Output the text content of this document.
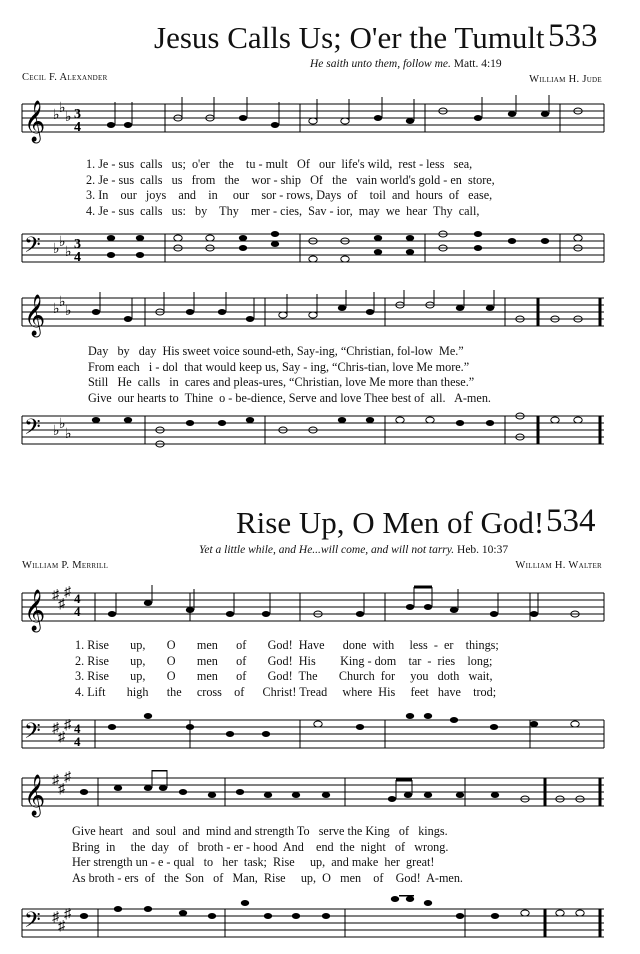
Jesus Calls Us; O'er the Tumult 533
He saith unto them, follow me. Matt. 4:19
Cecil F. Alexander	William H. Jude
𝄞 ♭ ♭
♭ 3
4
1. Je - sus  calls   us;  o'er   the    tu - mult   Of   our  life's wild,  rest - less   sea,
2. Je - sus  calls   us   from   the    wor - ship   Of   the   vain world's gold - en  store,
3. In    our   joys    and    in     our    sor - rows, Days  of    toil  and  hours  of   ease,
4. Je - sus  calls   us:   by    Thy    mer - cies,  Sav - ior,  may  we  hear  Thy  call,
𝄢 ♭ ♭
♭
3
4
𝄞 ♭ ♭
♭
Day   by   day  His sweet voice sound-eth, Say-ing, “Christian, fol-low  Me.”
From each   i - dol  that would keep us, Say - ing, “Chris-tian, love Me more.”
Still   He  calls   in  cares and pleas-ures, “Christian, love Me more than these.”
Give  our hearts to  Thine  o - be-dience, Serve and love Thee best of  all.   A-men.
𝄢 ♭ ♭
♭
Rise Up, O Men of God! 534
Yet a little while, and He...will come, and will not tarry. Heb. 10:37
William P. Merrill	William H. Walter
𝄞 ♯
♯
♯ 4
4
1. Rise       up,       O       men      of       God!  Have      done  with     less  -  er    things;
2. Rise       up,       O       men      of       God!  His        King - dom    tar  -  ries    long;
3. Rise       up,       O       men      of       God!  The       Church  for     you   doth   wait,
4. Lift       high      the     cross    of      Christ! Tread     where  His     feet   have    trod;
𝄢 ♯
♯
♯ 4
4
𝄞 ♯
♯
♯
Give heart   and  soul  and  mind and strength To   serve the King   of   kings.
Bring  in     the  day   of   broth - er - hood  And    end  the  night   of   wrong.
Her strength un - e - qual   to   her  task;  Rise     up,  and make  her  great!
As broth - ers  of   the  Son   of   Man,  Rise     up,  O   men    of    God!  A-men.
𝄢 ♯
♯
♯
